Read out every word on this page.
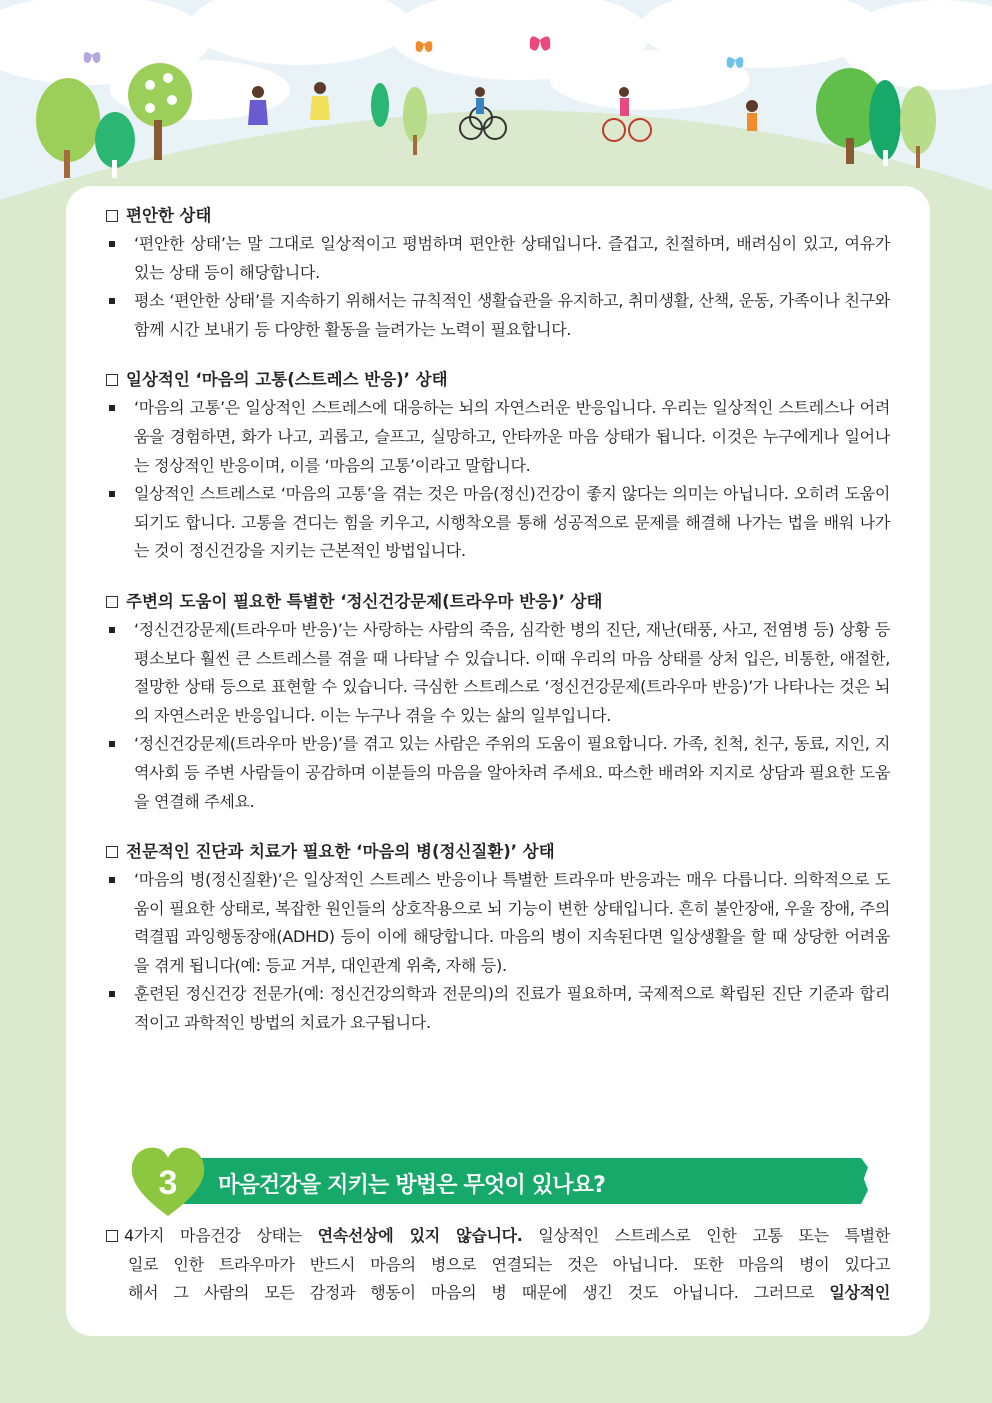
편안한 상태
‘편안한 상태’는 말 그대로 일상적이고 평범하며 편안한 상태입니다. 즐겁고, 친절하며, 배려심이 있고, 여유가 있는 상태 등이 해당합니다.
평소 ‘편안한 상태’를 지속하기 위해서는 규칙적인 생활습관을 유지하고, 취미생활, 산책, 운동, 가족이나 친구와 함께 시간 보내기 등 다양한 활동을 늘려가는 노력이 필요합니다.
일상적인 ‘마음의 고통(스트레스 반응)’ 상태
‘마음의 고통’은 일상적인 스트레스에 대응하는 뇌의 자연스러운 반응입니다. 우리는 일상적인 스트레스나 어려움을 경험하면, 화가 나고, 괴롭고, 슬프고, 실망하고, 안타까운 마음 상태가 됩니다. 이것은 누구에게나 일어나는 정상적인 반응이며, 이를 ‘마음의 고통’이라고 말합니다.
일상적인 스트레스로 ‘마음의 고통’을 겪는 것은 마음(정신)건강이 좋지 않다는 의미는 아닙니다. 오히려 도움이 되기도 합니다. 고통을 견디는 힘을 키우고, 시행착오를 통해 성공적으로 문제를 해결해 나가는 법을 배워 나가는 것이 정신건강을 지키는 근본적인 방법입니다.
주변의 도움이 필요한 특별한 ‘정신건강문제(트라우마 반응)’ 상태
‘정신건강문제(트라우마 반응)’는 사랑하는 사람의 죽음, 심각한 병의 진단, 재난(태풍, 사고, 전염병 등) 상황 등 평소보다 훨씬 큰 스트레스를 겪을 때 나타날 수 있습니다. 이때 우리의 마음 상태를 상처 입은, 비통한, 애절한, 절망한 상태 등으로 표현할 수 있습니다. 극심한 스트레스로 ‘정신건강문제(트라우마 반응)’가 나타나는 것은 뇌의 자연스러운 반응입니다. 이는 누구나 겪을 수 있는 삶의 일부입니다.
‘정신건강문제(트라우마 반응)’를 겪고 있는 사람은 주위의 도움이 필요합니다. 가족, 친척, 친구, 동료, 지인, 지역사회 등 주변 사람들이 공감하며 이분들의 마음을 알아차려 주세요. 따스한 배려와 지지로 상담과 필요한 도움을 연결해 주세요.
전문적인 진단과 치료가 필요한 ‘마음의 병(정신질환)’ 상태
‘마음의 병(정신질환)’은 일상적인 스트레스 반응이나 특별한 트라우마 반응과는 매우 다릅니다. 의학적으로 도움이 필요한 상태로, 복잡한 원인들의 상호작용으로 뇌 기능이 변한 상태입니다. 흔히 불안장애, 우울 장애, 주의력결핍 과잉행동장애(ADHD) 등이 이에 해당합니다. 마음의 병이 지속된다면 일상생활을 할 때 상당한 어려움을 겪게 됩니다(예: 등교 거부, 대인관계 위축, 자해 등).
훈련된 정신건강 전문가(예: 정신건강의학과 전문의)의 진료가 필요하며, 국제적으로 확립된 진단 기준과 합리적이고 과학적인 방법의 치료가 요구됩니다.
3	마음건강을 지키는 방법은 무엇이 있나요?
4가지 마음건강 상태는 연속선상에 있지 않습니다. 일상적인 스트레스로 인한 고통 또는 특별한
일로 인한 트라우마가 반드시 마음의 병으로 연결되는 것은 아닙니다. 또한 마음의 병이 있다고
해서 그 사람의 모든 감정과 행동이 마음의 병 때문에 생긴 것도 아닙니다. 그러므로 일상적인
